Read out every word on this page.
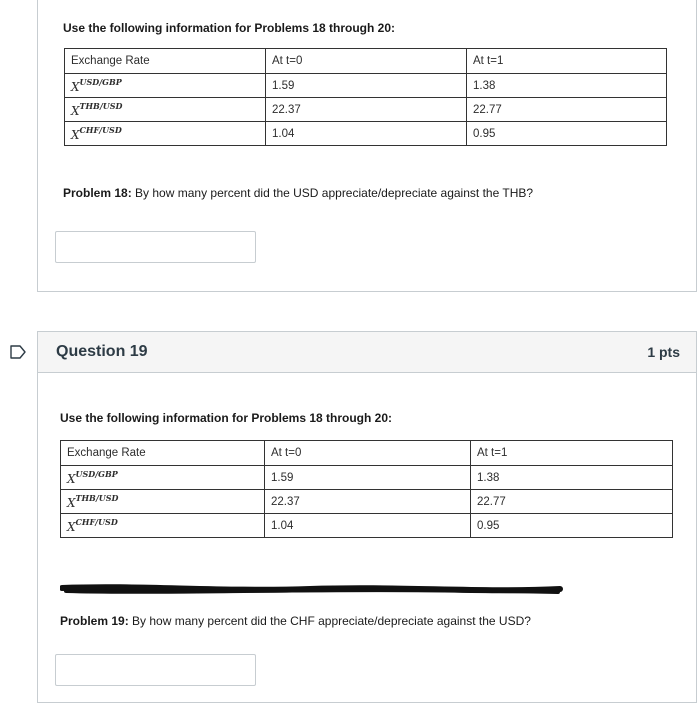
Use the following information for Problems 18 through 20:
Exchange Rate	At t=0	At t=1
$X^{USD/GBP}$	1.59	1.38
$X^{THB/USD}$	22.37	22.77
$X^{CHF/USD}$	1.04	0.95
Problem 18: By how many percent did the USD appreciate/depreciate against the THB?
Question 19	1 pts
Use the following information for Problems 18 through 20:
Exchange Rate	At t=0	At t=1
$X^{USD/GBP}$	1.59	1.38
$X^{THB/USD}$	22.37	22.77
$X^{CHF/USD}$	1.04	0.95
Problem 19: By how many percent did the CHF appreciate/depreciate against the USD?
